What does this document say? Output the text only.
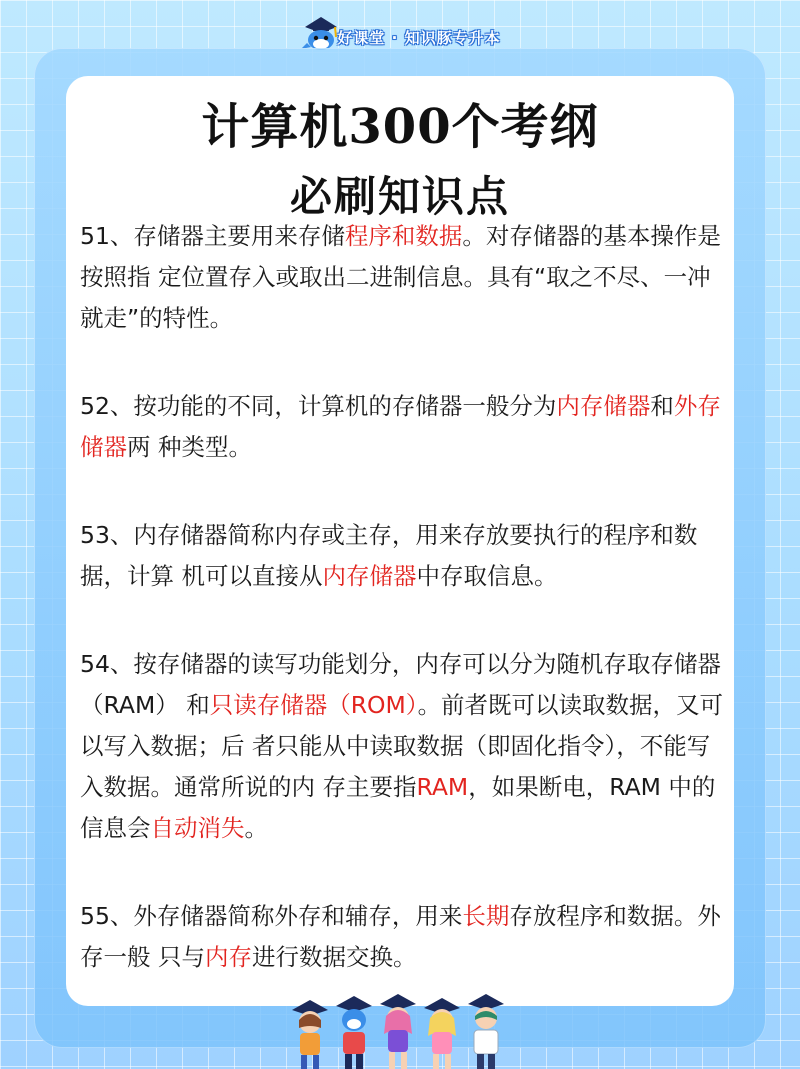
好课堂 · 知识豚专升本
计算机300个考纲
必刷知识点

51、存储器主要用来存储程序和数据。对存储器的基本操作是按照指 定位置存入或取出二进制信息。具有“取之不尽、一冲就走”的特性。

52、按功能的不同，计算机的存储器一般分为内存储器和外存储器两 种类型。

53、内存储器简称内存或主存，用来存放要执行的程序和数据，计算 机可以直接从内存储器中存取信息。

54、按存储器的读写功能划分，内存可以分为随机存取存储器（RAM） 和只读存储器（ROM）。前者既可以读取数据，又可以写入数据；后 者只能从中读取数据（即固化指令），不能写入数据。通常所说的内 存主要指RAM，如果断电，RAM 中的信息会自动消失。

55、外存储器简称外存和辅存，用来长期存放程序和数据。外存一般 只与内存进行数据交换。
